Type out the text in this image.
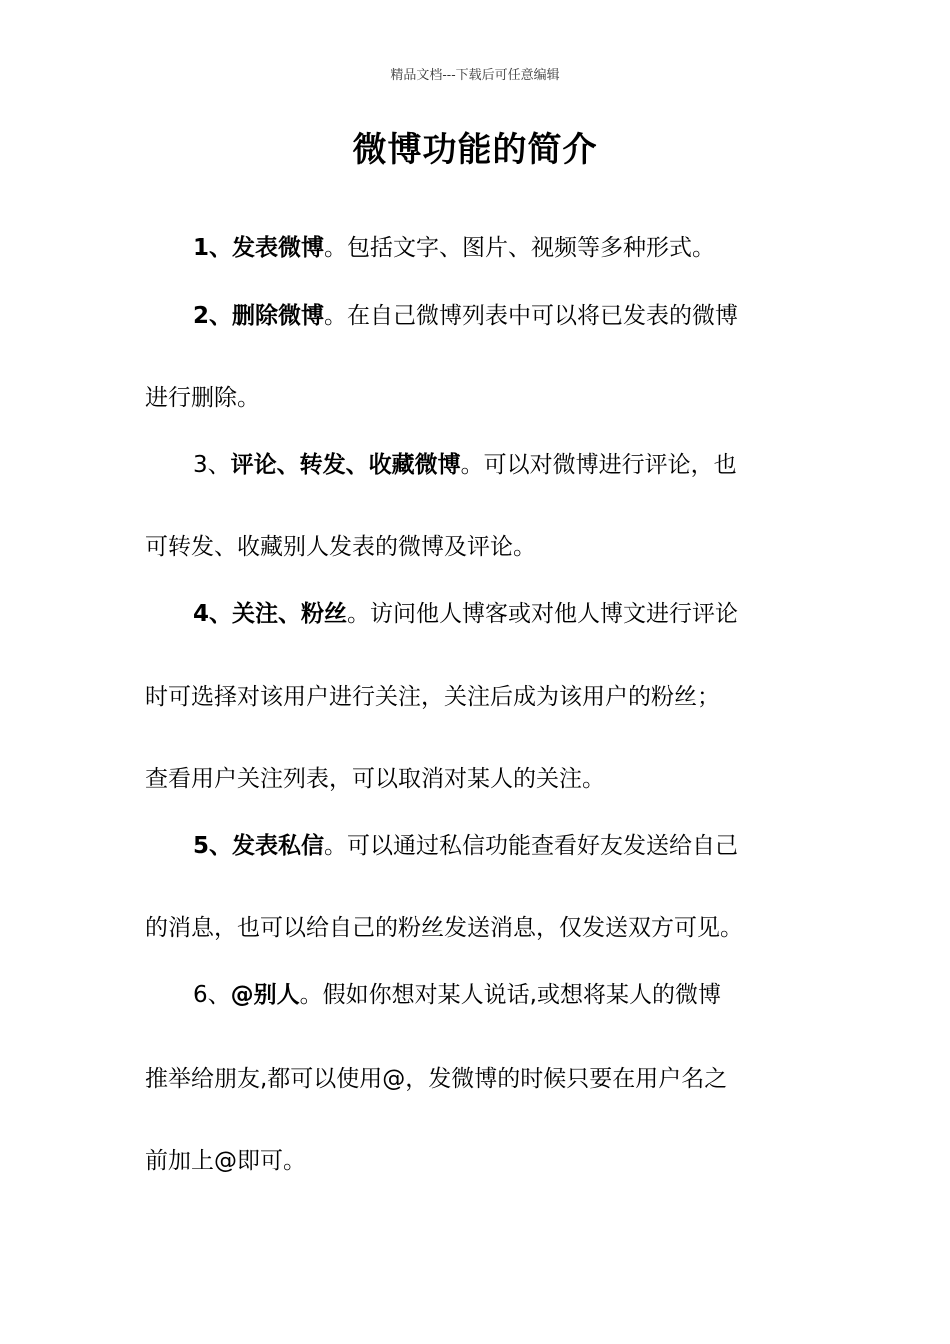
精品文档---下载后可任意编辑
微博功能的简介
1、发表微博。包括文字、图片、视频等多种形式。
2、删除微博。在自己微博列表中可以将已发表的微博
进行删除。
3、评论、转发、收藏微博。可以对微博进行评论，也
可转发、收藏别人发表的微博及评论。
4、关注、粉丝。访问他人博客或对他人博文进行评论
时可选择对该用户进行关注，关注后成为该用户的粉丝；
查看用户关注列表，可以取消对某人的关注。
5、发表私信。可以通过私信功能查看好友发送给自己
的消息，也可以给自己的粉丝发送消息，仅发送双方可见。
6、@别人。假如你想对某人说话,或想将某人的微博
推举给朋友,都可以使用@，发微博的时候只要在用户名之
前加上@即可。
